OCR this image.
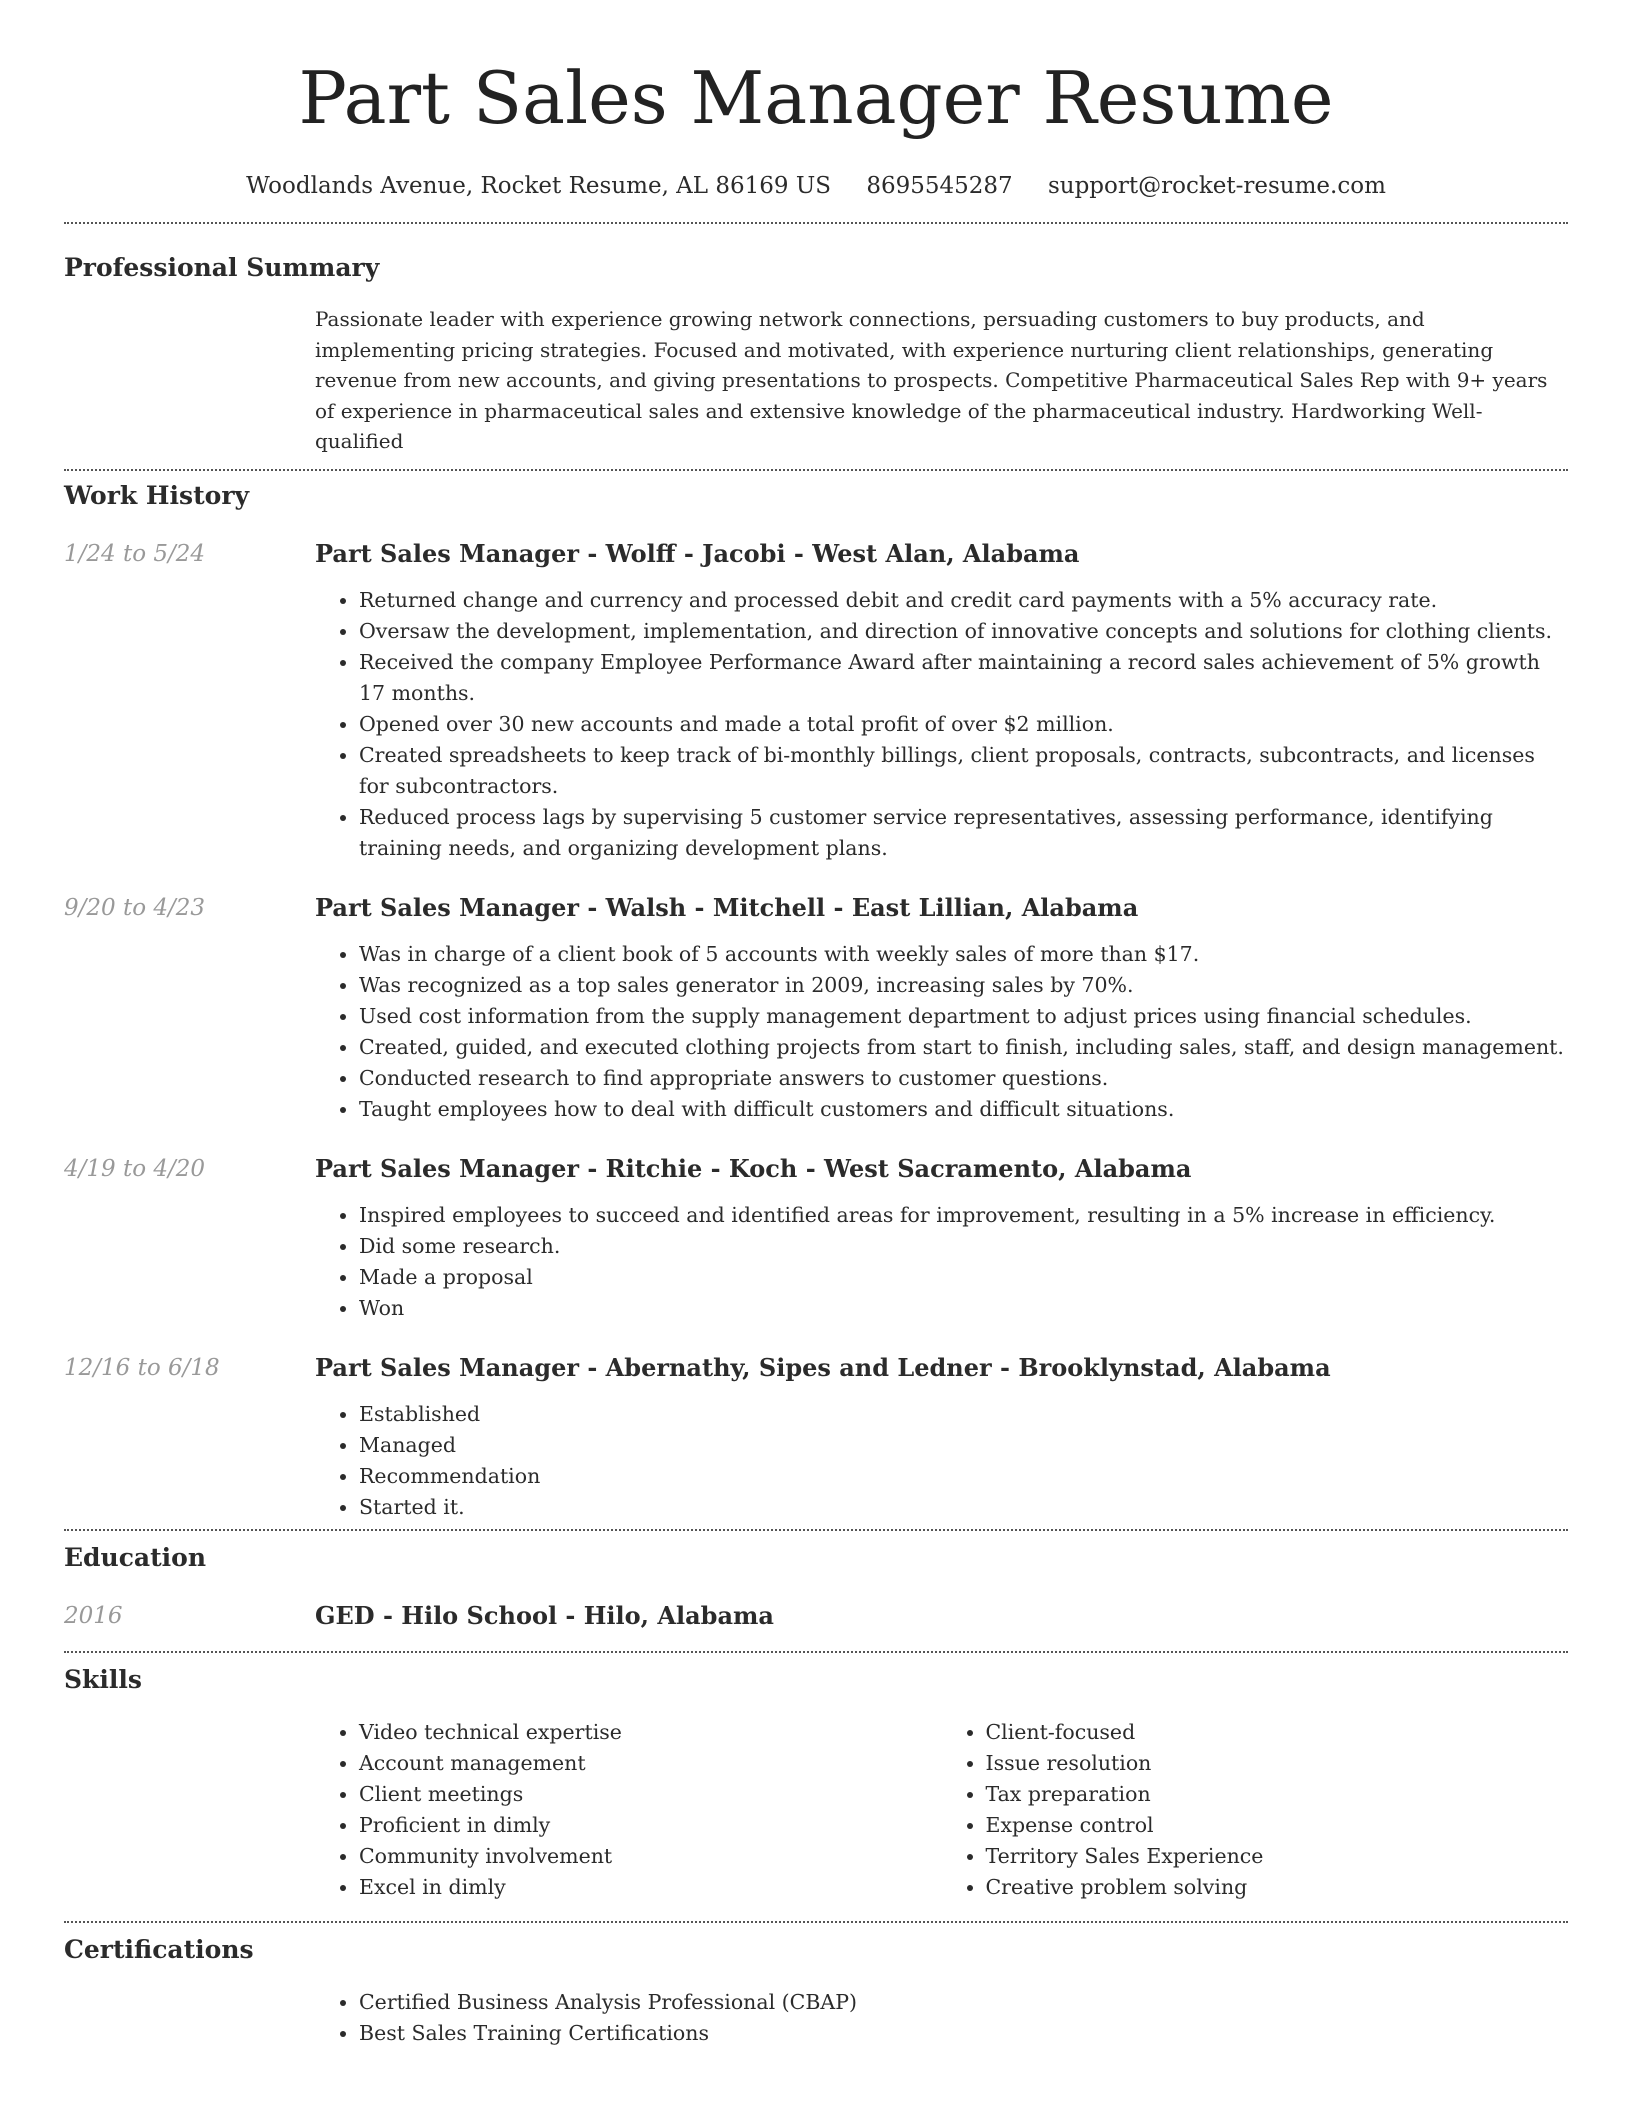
Part Sales Manager Resume
Woodlands Avenue, Rocket Resume, AL 86169 US 8695545287 support@rocket-resume.com
Professional Summary

Passionate leader with experience growing network connections, persuading customers to buy products, and implementing pricing strategies. Focused and motivated, with experience nurturing client relationships, generating revenue from new accounts, and giving presentations to prospects. Competitive Pharmaceutical Sales Rep with 9+ years of experience in pharmaceutical sales and extensive knowledge of the pharmaceutical industry. Hardworking Well-qualified

Work History
1/24 to 5/24	Part Sales Manager - Wolff - Jacobi - West Alan, Alabama
• Returned change and currency and processed debit and credit card payments with a 5% accuracy rate.
• Oversaw the development, implementation, and direction of innovative concepts and solutions for clothing clients.
• Received the company Employee Performance Award after maintaining a record sales achievement of 5% growth 17 months.
• Opened over 30 new accounts and made a total profit of over $2 million.
• Created spreadsheets to keep track of bi-monthly billings, client proposals, contracts, subcontracts, and licenses for subcontractors.
• Reduced process lags by supervising 5 customer service representatives, assessing performance, identifying training needs, and organizing development plans.
9/20 to 4/23	Part Sales Manager - Walsh - Mitchell - East Lillian, Alabama
• Was in charge of a client book of 5 accounts with weekly sales of more than $17.
• Was recognized as a top sales generator in 2009, increasing sales by 70%.
• Used cost information from the supply management department to adjust prices using financial schedules.
• Created, guided, and executed clothing projects from start to finish, including sales, staff, and design management.
• Conducted research to find appropriate answers to customer questions.
• Taught employees how to deal with difficult customers and difficult situations.
4/19 to 4/20	Part Sales Manager - Ritchie - Koch - West Sacramento, Alabama
• Inspired employees to succeed and identified areas for improvement, resulting in a 5% increase in efficiency.
• Did some research.
• Made a proposal
• Won
12/16 to 6/18	Part Sales Manager - Abernathy, Sipes and Ledner - Brooklynstad, Alabama
• Established
• Managed
• Recommendation
• Started it.
Education
2016	GED - Hilo School - Hilo, Alabama
Skills
• Video technical expertise
• Account management
• Client meetings
• Proficient in dimly
• Community involvement
• Excel in dimly
• Client-focused
• Issue resolution
• Tax preparation
• Expense control
• Territory Sales Experience
• Creative problem solving
Certifications
• Certified Business Analysis Professional (CBAP)
• Best Sales Training Certifications
